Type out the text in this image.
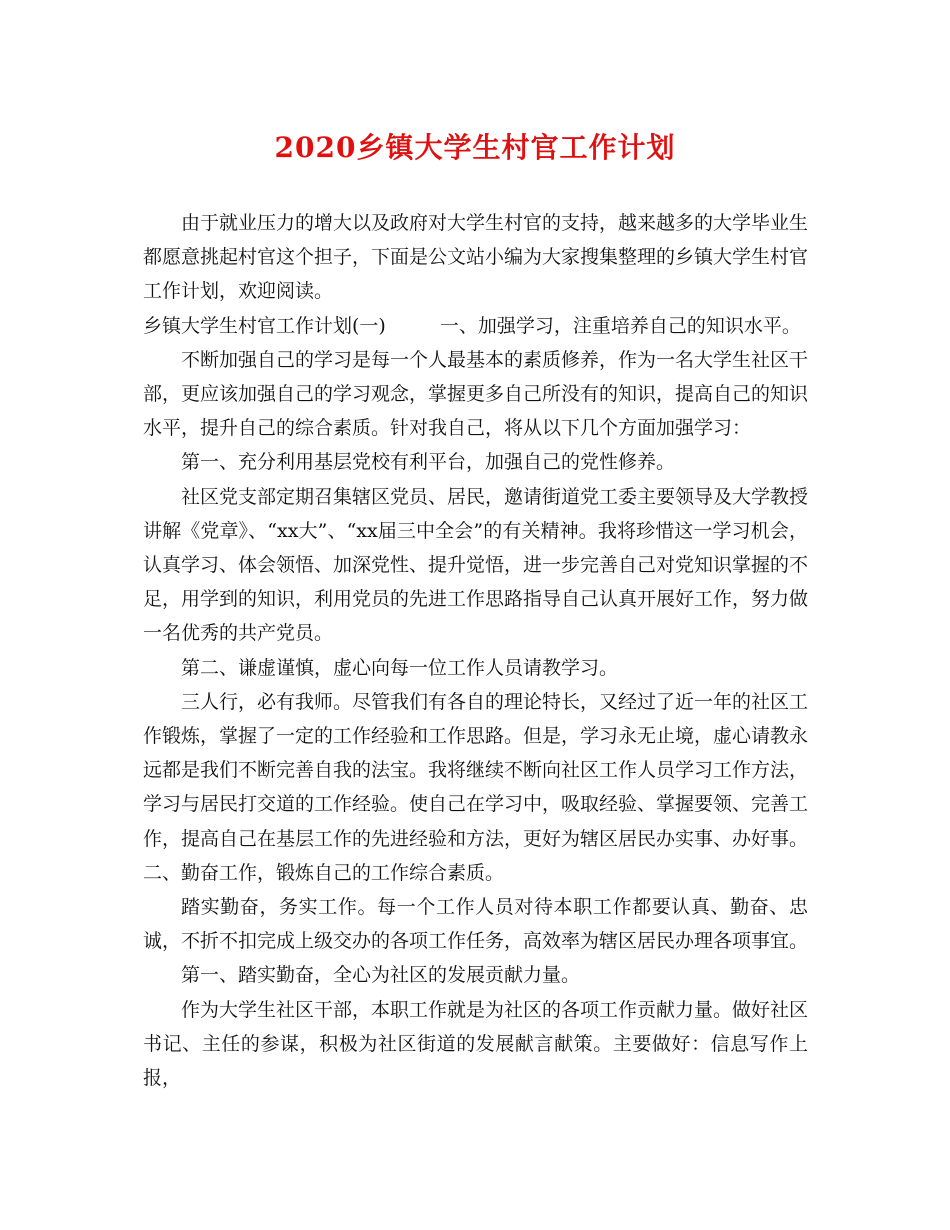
2020乡镇大学生村官工作计划

由于就业压力的增大以及政府对大学生村官的支持，越来越多的大学毕业生都愿意挑起村官这个担子，下面是公文站小编为大家搜集整理的乡镇大学生村官工作计划，欢迎阅读。

乡镇大学生村官工作计划(一)	一、加强学习，注重培养自己的知识水平。

不断加强自己的学习是每一个人最基本的素质修养，作为一名大学生社区干部，更应该加强自己的学习观念，掌握更多自己所没有的知识，提高自己的知识水平，提升自己的综合素质。针对我自己，将从以下几个方面加强学习：

第一、充分利用基层党校有利平台，加强自己的党性修养。

社区党支部定期召集辖区党员、居民，邀请街道党工委主要领导及大学教授讲解《党章》、“xx大”、“xx届三中全会”的有关精神。我将珍惜这一学习机会，认真学习、体会领悟、加深党性、提升觉悟，进一步完善自己对党知识掌握的不足，用学到的知识，利用党员的先进工作思路指导自己认真开展好工作，努力做一名优秀的共产党员。

第二、谦虚谨慎，虚心向每一位工作人员请教学习。

三人行，必有我师。尽管我们有各自的理论特长，又经过了近一年的社区工作锻炼，掌握了一定的工作经验和工作思路。但是，学习永无止境，虚心请教永远都是我们不断完善自我的法宝。我将继续不断向社区工作人员学习工作方法，学习与居民打交道的工作经验。使自己在学习中，吸取经验、掌握要领、完善工作，提高自己在基层工作的先进经验和方法，更好为辖区居民办实事、办好事。

二、勤奋工作，锻炼自己的工作综合素质。

踏实勤奋，务实工作。每一个工作人员对待本职工作都要认真、勤奋、忠诚，不折不扣完成上级交办的各项工作任务，高效率为辖区居民办理各项事宜。

第一、踏实勤奋，全心为社区的发展贡献力量。

作为大学生社区干部，本职工作就是为社区的各项工作贡献力量。做好社区书记、主任的参谋，积极为社区街道的发展献言献策。主要做好：信息写作上报，
